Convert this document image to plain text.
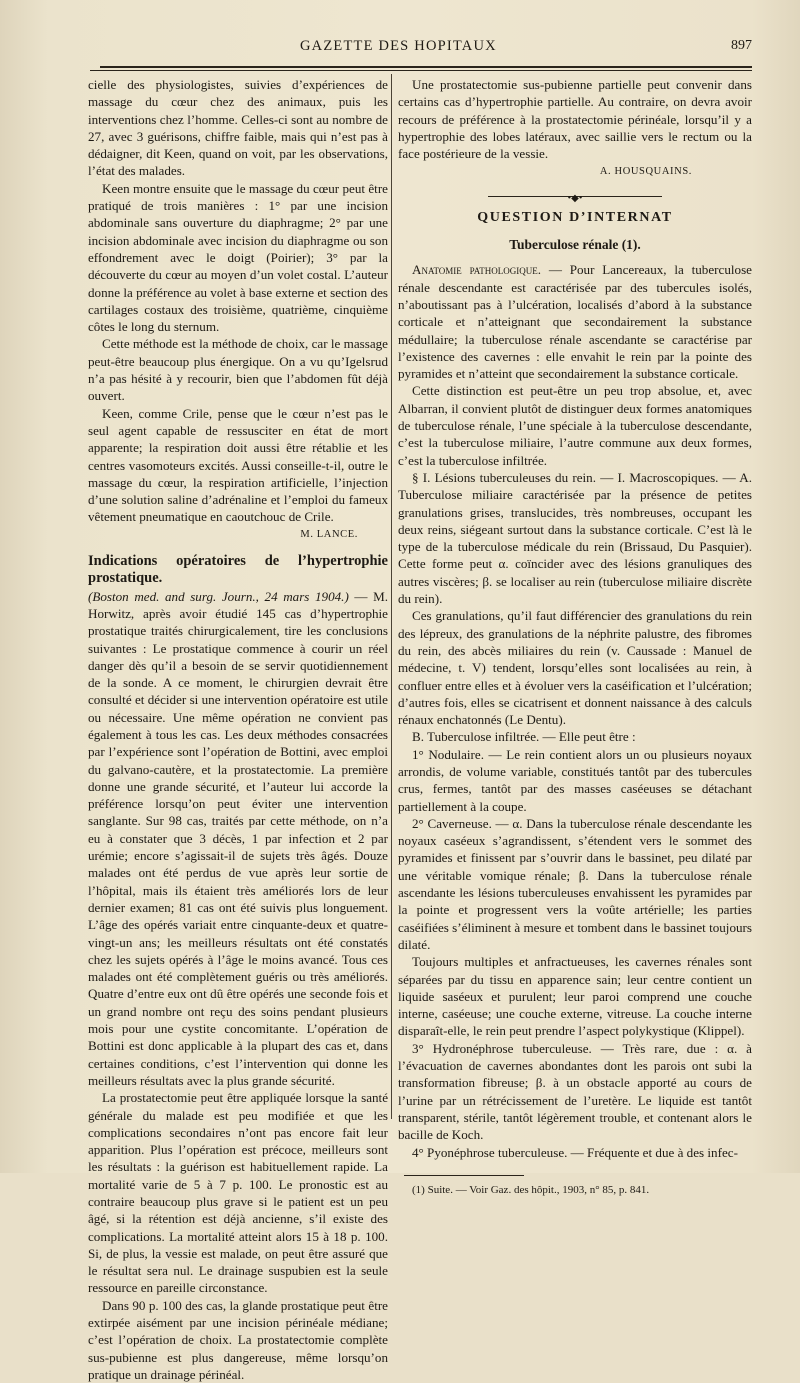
GAZETTE DES HOPITAUX	897

cielle des physiologistes, suivies d’expériences de massage du cœur chez des animaux, puis les interventions chez l’homme. Celles-ci sont au nombre de 27, avec 3 guérisons, chiffre faible, mais qui n’est pas à dédaigner, dit Keen, quand on voit, par les observations, l’état des malades.

Keen montre ensuite que le massage du cœur peut être pratiqué de trois manières : 1° par une incision abdominale sans ouverture du diaphragme; 2° par une incision abdominale avec incision du diaphragme ou son effondrement avec le doigt (Poirier); 3° par la découverte du cœur au moyen d’un volet costal. L’auteur donne la préférence au volet à base externe et section des cartilages costaux des troisième, quatrième, cinquième côtes le long du sternum.

Cette méthode est la méthode de choix, car le massage peut-être beaucoup plus énergique. On a vu qu’Igelsrud n’a pas hésité à y recourir, bien que l’abdomen fût déjà ouvert.

Keen, comme Crile, pense que le cœur n’est pas le seul agent capable de ressusciter en état de mort apparente; la respiration doit aussi être rétablie et les centres vasomoteurs excités. Aussi conseille-t-il, outre le massage du cœur, la respiration artificielle, l’injection d’une solution saline d’adrénaline et l’emploi du fameux vêtement pneumatique en caoutchouc de Crile.

M. LANCE.
Indications opératoires de l’hypertrophie prostatique.

(Boston med. and surg. Journ., 24 mars 1904.) — M. Horwitz, après avoir étudié 145 cas d’hypertrophie prostatique traités chirurgicalement, tire les conclusions suivantes : Le prostatique commence à courir un réel danger dès qu’il a besoin de se servir quotidiennement de la sonde. A ce moment, le chirurgien devrait être consulté et décider si une intervention opératoire est utile ou nécessaire. Une même opération ne convient pas également à tous les cas. Les deux méthodes consacrées par l’expérience sont l’opération de Bottini, avec emploi du galvano-cautère, et la prostatectomie. La première donne une grande sécurité, et l’auteur lui accorde la préférence lorsqu’on peut éviter une intervention sanglante. Sur 98 cas, traités par cette méthode, on n’a eu à constater que 3 décès, 1 par infection et 2 par urémie; encore s’agissait-il de sujets très âgés. Douze malades ont été perdus de vue après leur sortie de l’hôpital, mais ils étaient très améliorés lors de leur dernier examen; 81 cas ont été suivis plus longuement. L’âge des opérés variait entre cinquante-deux et quatre-vingt-un ans; les meilleurs résultats ont été constatés chez les sujets opérés à l’âge le moins avancé. Tous ces malades ont été complètement guéris ou très améliorés. Quatre d’entre eux ont dû être opérés une seconde fois et un grand nombre ont reçu des soins pendant plusieurs mois pour une cystite concomitante. L’opération de Bottini est donc applicable à la plupart des cas et, dans certaines conditions, c’est l’intervention qui donne les meilleurs résultats avec la plus grande sécurité.

La prostatectomie peut être appliquée lorsque la santé générale du malade est peu modifiée et que les complications secondaires n’ont pas encore fait leur apparition. Plus l’opération est précoce, meilleurs sont les résultats : la guérison est habituellement rapide. La mortalité varie de 5 à 7 p. 100. Le pronostic est au contraire beaucoup plus grave si le patient est un peu âgé, si la rétention est déjà ancienne, s’il existe des complications. La mortalité atteint alors 15 à 18 p. 100. Si, de plus, la vessie est malade, on peut être assuré que le résultat sera nul. Le drainage suspubien est la seule ressource en pareille circonstance.

Dans 90 p. 100 des cas, la glande prostatique peut être extirpée aisément par une incision périnéale médiane; c’est l’opération de choix. La prostatectomie complète sus-pubienne est plus dangereuse, même lorsqu’on pratique un drainage périnéal.

Une prostatectomie sus-pubienne partielle peut convenir dans certains cas d’hypertrophie partielle. Au contraire, on devra avoir recours de préférence à la prostatectomie périnéale, lorsqu’il y a hypertrophie des lobes latéraux, avec saillie vers le rectum ou la face postérieure de la vessie.

A. HOUSQUAINS.
•◆•
QUESTION D’INTERNAT
Tuberculose rénale (1).

Anatomie pathologique. — Pour Lancereaux, la tuberculose rénale descendante est caractérisée par des tubercules isolés, n’aboutissant pas à l’ulcération, localisés d’abord à la substance corticale et n’atteignant que secondairement la substance médullaire; la tuberculose rénale ascendante se caractérise par l’existence des cavernes : elle envahit le rein par la pointe des pyramides et n’atteint que secondairement la substance corticale.

Cette distinction est peut-être un peu trop absolue, et, avec Albarran, il convient plutôt de distinguer deux formes anatomiques de tuberculose rénale, l’une spéciale à la tuberculose descendante, c’est la tuberculose miliaire, l’autre commune aux deux formes, c’est la tuberculose infiltrée.

§ I. Lésions tuberculeuses du rein. — I. Macroscopiques. — A. Tuberculose miliaire caractérisée par la présence de petites granulations grises, translucides, très nombreuses, occupant les deux reins, siégeant surtout dans la substance corticale. C’est là le type de la tuberculose médicale du rein (Brissaud, Du Pasquier). Cette forme peut α. coïncider avec des lésions granuliques des autres viscères; β. se localiser au rein (tuberculose miliaire discrète du rein).

Ces granulations, qu’il faut différencier des granulations du rein des lépreux, des granulations de la néphrite palustre, des fibromes du rein, des abcès miliaires du rein (v. Caussade : Manuel de médecine, t. V) tendent, lorsqu’elles sont localisées au rein, à confluer entre elles et à évoluer vers la caséification et l’ulcération; d’autres fois, elles se cicatrisent et donnent naissance à des calculs rénaux enchatonnés (Le Dentu).

B. Tuberculose infiltrée. — Elle peut être :

1° Nodulaire. — Le rein contient alors un ou plusieurs noyaux arrondis, de volume variable, constitués tantôt par des tubercules crus, fermes, tantôt par des masses caséeuses se détachant partiellement à la coupe.

2° Caverneuse. — α. Dans la tuberculose rénale descendante les noyaux caséeux s’agrandissent, s’étendent vers le sommet des pyramides et finissent par s’ouvrir dans le bassinet, peu dilaté par une véritable vomique rénale; β. Dans la tuberculose rénale ascendante les lésions tuberculeuses envahissent les pyramides par la pointe et progressent vers la voûte artérielle; les parties caséifiées s’éliminent à mesure et tombent dans le bassinet toujours dilaté.

Toujours multiples et anfractueuses, les cavernes rénales sont séparées par du tissu en apparence sain; leur centre contient un liquide saséeux et purulent; leur paroi comprend une couche interne, caséeuse; une couche externe, vitreuse. La couche interne disparaît-elle, le rein peut prendre l’aspect polykystique (Klippel).

3° Hydronéphrose tuberculeuse. — Très rare, due : α. à l’évacuation de cavernes abondantes dont les parois ont subi la transformation fibreuse; β. à un obstacle apporté au cours de l’urine par un rétrécissement de l’uretère. Le liquide est tantôt transparent, stérile, tantôt légèrement trouble, et contenant alors le bacille de Koch.

4° Pyonéphrose tuberculeuse. — Fréquente et due à des infec-

(1) Suite. — Voir Gaz. des hôpit., 1903, n° 85, p. 841.
